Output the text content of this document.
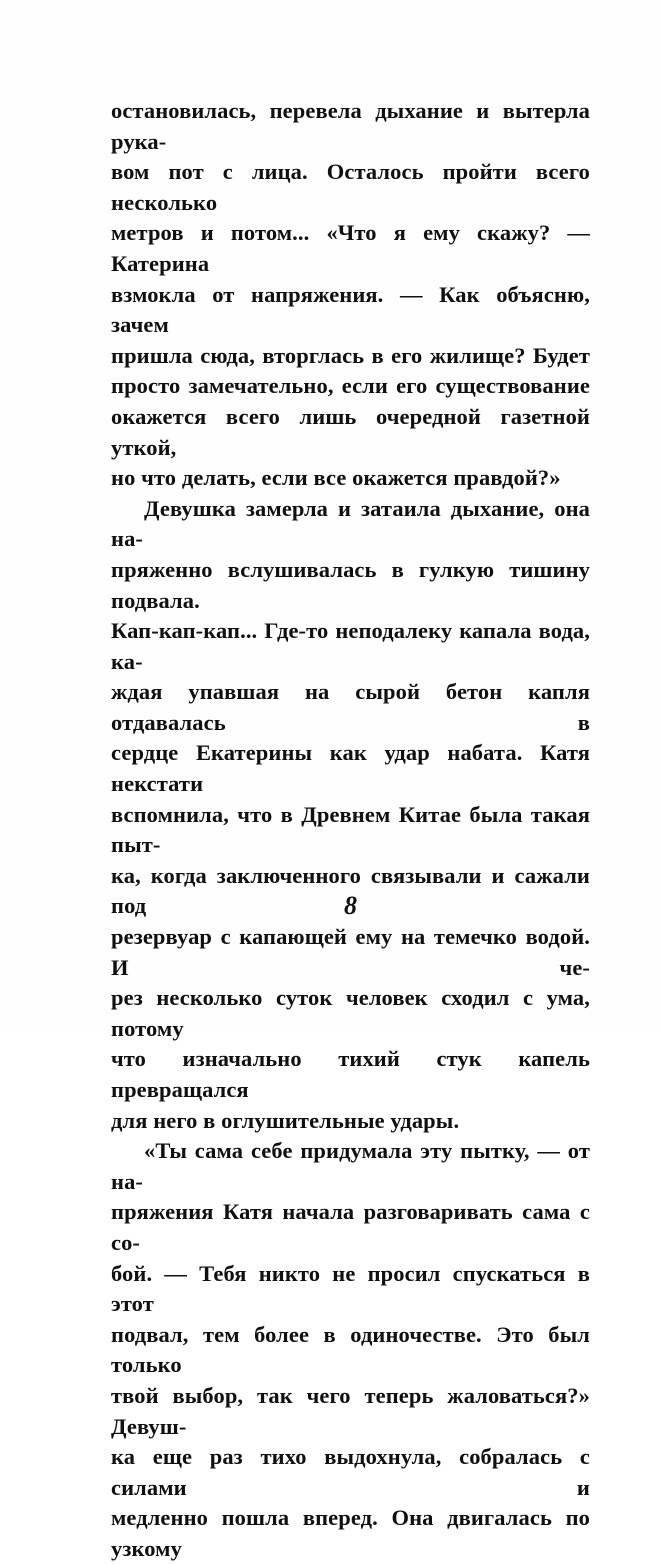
остановилась, перевела дыхание и вытерла рука-
вом пот с лица. Осталось пройти всего несколько
метров и потом... «Что я ему скажу? — Катерина
взмокла от напряжения. — Как объясню, зачем
пришла сюда, вторглась в его жилище? Будет
просто замечательно, если его существование
окажется всего лишь очередной газетной уткой,
но что делать, если все окажется правдой?»
Девушка замерла и затаила дыхание, она на-
пряженно вслушивалась в гулкую тишину подвала.
Кап-кап-кап... Где-то неподалеку капала вода, ка-
ждая упавшая на сырой бетон капля отдавалась в
сердце Екатерины как удар набата. Катя некстати
вспомнила, что в Древнем Китае была такая пыт-
ка, когда заключенного связывали и сажали под
резервуар с капающей ему на темечко водой. И че-
рез несколько суток человек сходил с ума, потому
что изначально тихий стук капель превращался
для него в оглушительные удары.
«Ты сама себе придумала эту пытку, — от на-
пряжения Катя начала разговаривать сама с со-
бой. — Тебя никто не просил спускаться в этот
подвал, тем более в одиночестве. Это был только
твой выбор, так чего теперь жаловаться?» Девуш-
ка еще раз тихо выдохнула, собралась с силами и
медленно пошла вперед. Она двигалась по узкому
8
